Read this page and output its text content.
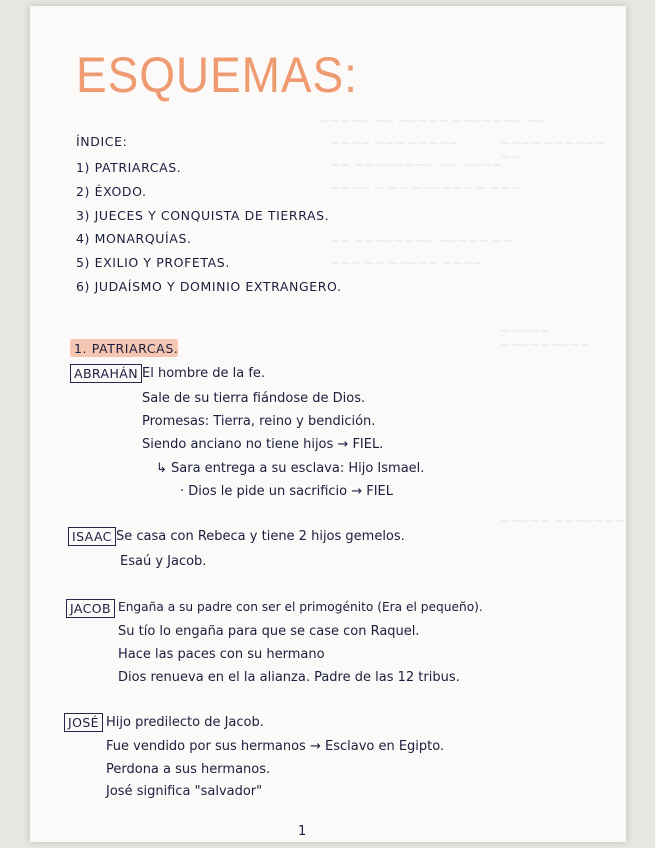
~~~~~ ~~ ~~~~~ ~~~~~~~ ~~
~~~~ ~~~ ~~~~~
~~ ~~~~~~~~ ~~ ~~~~
~~~~ ~ ~~ ~~~~~~ ~ ~~~
~~ ~~~~~~~~ ~~~~~ ~~
~~~ ~~ ~~~~~ ~~~~
~~~~ ~~~~~~ ~~
~~~~~ ~~~~~~~~~
~~~~~ ~~~~~~~
ESQUEMAS:
ÍNDICE:
1) PATRIARCAS.
2) ÉXODO.
3) JUECES Y CONQUISTA DE TIERRAS.
4) MONARQUÍAS.
5) EXILIO Y PROFETAS.
6) JUDAÍSMO Y DOMINIO EXTRANGERO.
1. PATRIARCAS.
ABRAHÁN El hombre de la fe.
Sale de su tierra fiándose de Dios.
Promesas: Tierra, reino y bendición.
Siendo anciano no tiene hijos → FIEL.
↳ Sara entrega a su esclava: Hijo Ismael.
· Dios le pide un sacrificio → FIEL
ISAAC Se casa con Rebeca y tiene 2 hijos gemelos.
Esaú y Jacob.
JACOB Engaña a su padre con ser el primogénito (Era el pequeño).
Su tío lo engaña para que se case con Raquel.
Hace las paces con su hermano
Dios renueva en el la alianza. Padre de las 12 tribus.
JOSÉ Hijo predilecto de Jacob.
Fue vendido por sus hermanos → Esclavo en Egipto.
Perdona a sus hermanos.
José significa "salvador"
1
